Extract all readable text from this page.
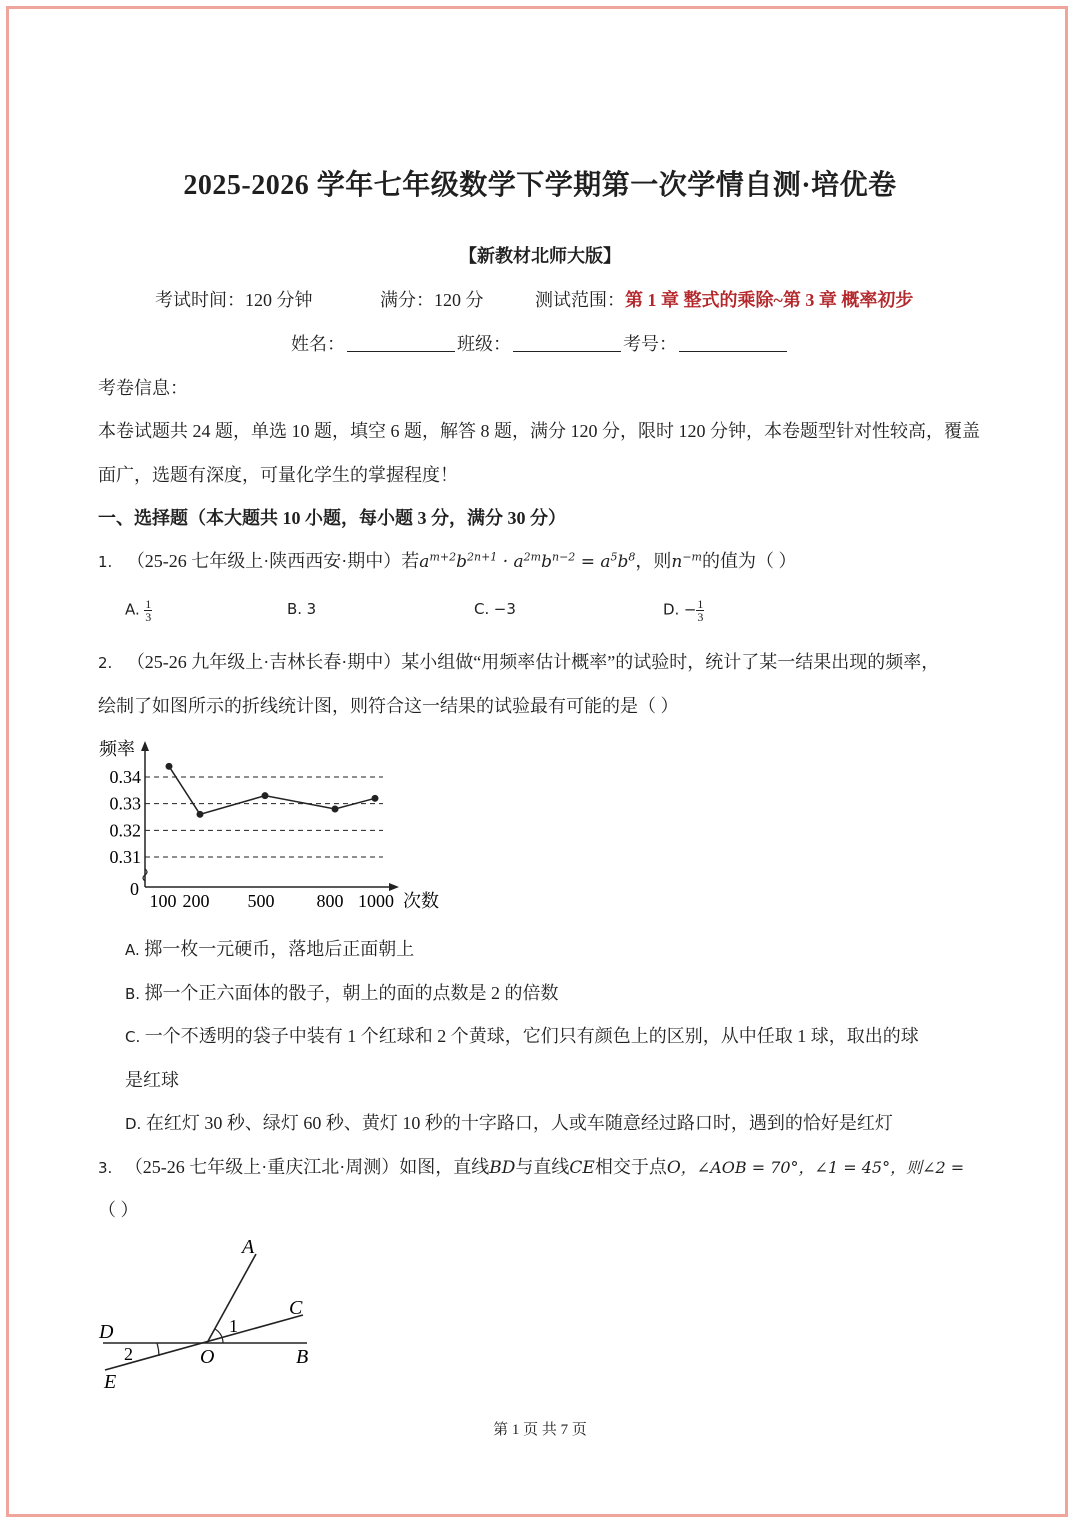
2025-2026 学年七年级数学下学期第一次学情自测·培优卷
【新教材北师大版】
考试时间：120 分钟	满分：120 分	测试范围：第 1 章 整式的乘除~第 3 章 概率初步
姓名：	班级：	考号：
考卷信息：
本卷试题共 24 题，单选 10 题，填空 6 题，解答 8 题，满分 120 分，限时 120 分钟，本卷题型针对性较高，覆盖
面广，选题有深度，可量化学生的掌握程度！
一、选择题（本大题共 10 小题，每小题 3 分，满分 30 分）
1. （25-26 七年级上·陕西西安·期中）若$a^{m+2}b^{2n+1} \cdot a^{2m}b^{n-2} = a^5b^8$，则$n^{-m}$的值为（ ）
A. $\frac{1}{3}$	B. 3	C. −3	D. − $\frac{1}{3}$
2. （25-26 九年级上·吉林长春·期中）某小组做“用频率估计概率”的试验时，统计了某一结果出现的频率，
绘制了如图所示的折线统计图，则符合这一结果的试验最有可能的是（ ）
0.34
0.33
0.32
0.31
100 200 500 800 1000
频率
次数
0
A. 掷一枚一元硬币，落地后正面朝上
B. 掷一个正六面体的骰子，朝上的面的点数是 2 的倍数
C. 一个不透明的袋子中装有 1 个红球和 2 个黄球，它们只有颜色上的区别，从中任取 1 球，取出的球
是红球
D. 在红灯 30 秒、绿灯 60 秒、黄灯 10 秒的十字路口，人或车随意经过路口时，遇到的恰好是红灯
3. （25-26 七年级上·重庆江北·周测）如图，直线BD与直线CE相交于点O，∠AOB = 70°，∠1 = 45°，则∠2 =
（ ）
A
C
D
O	B
E
1
2
第 1 页 共 7 页
